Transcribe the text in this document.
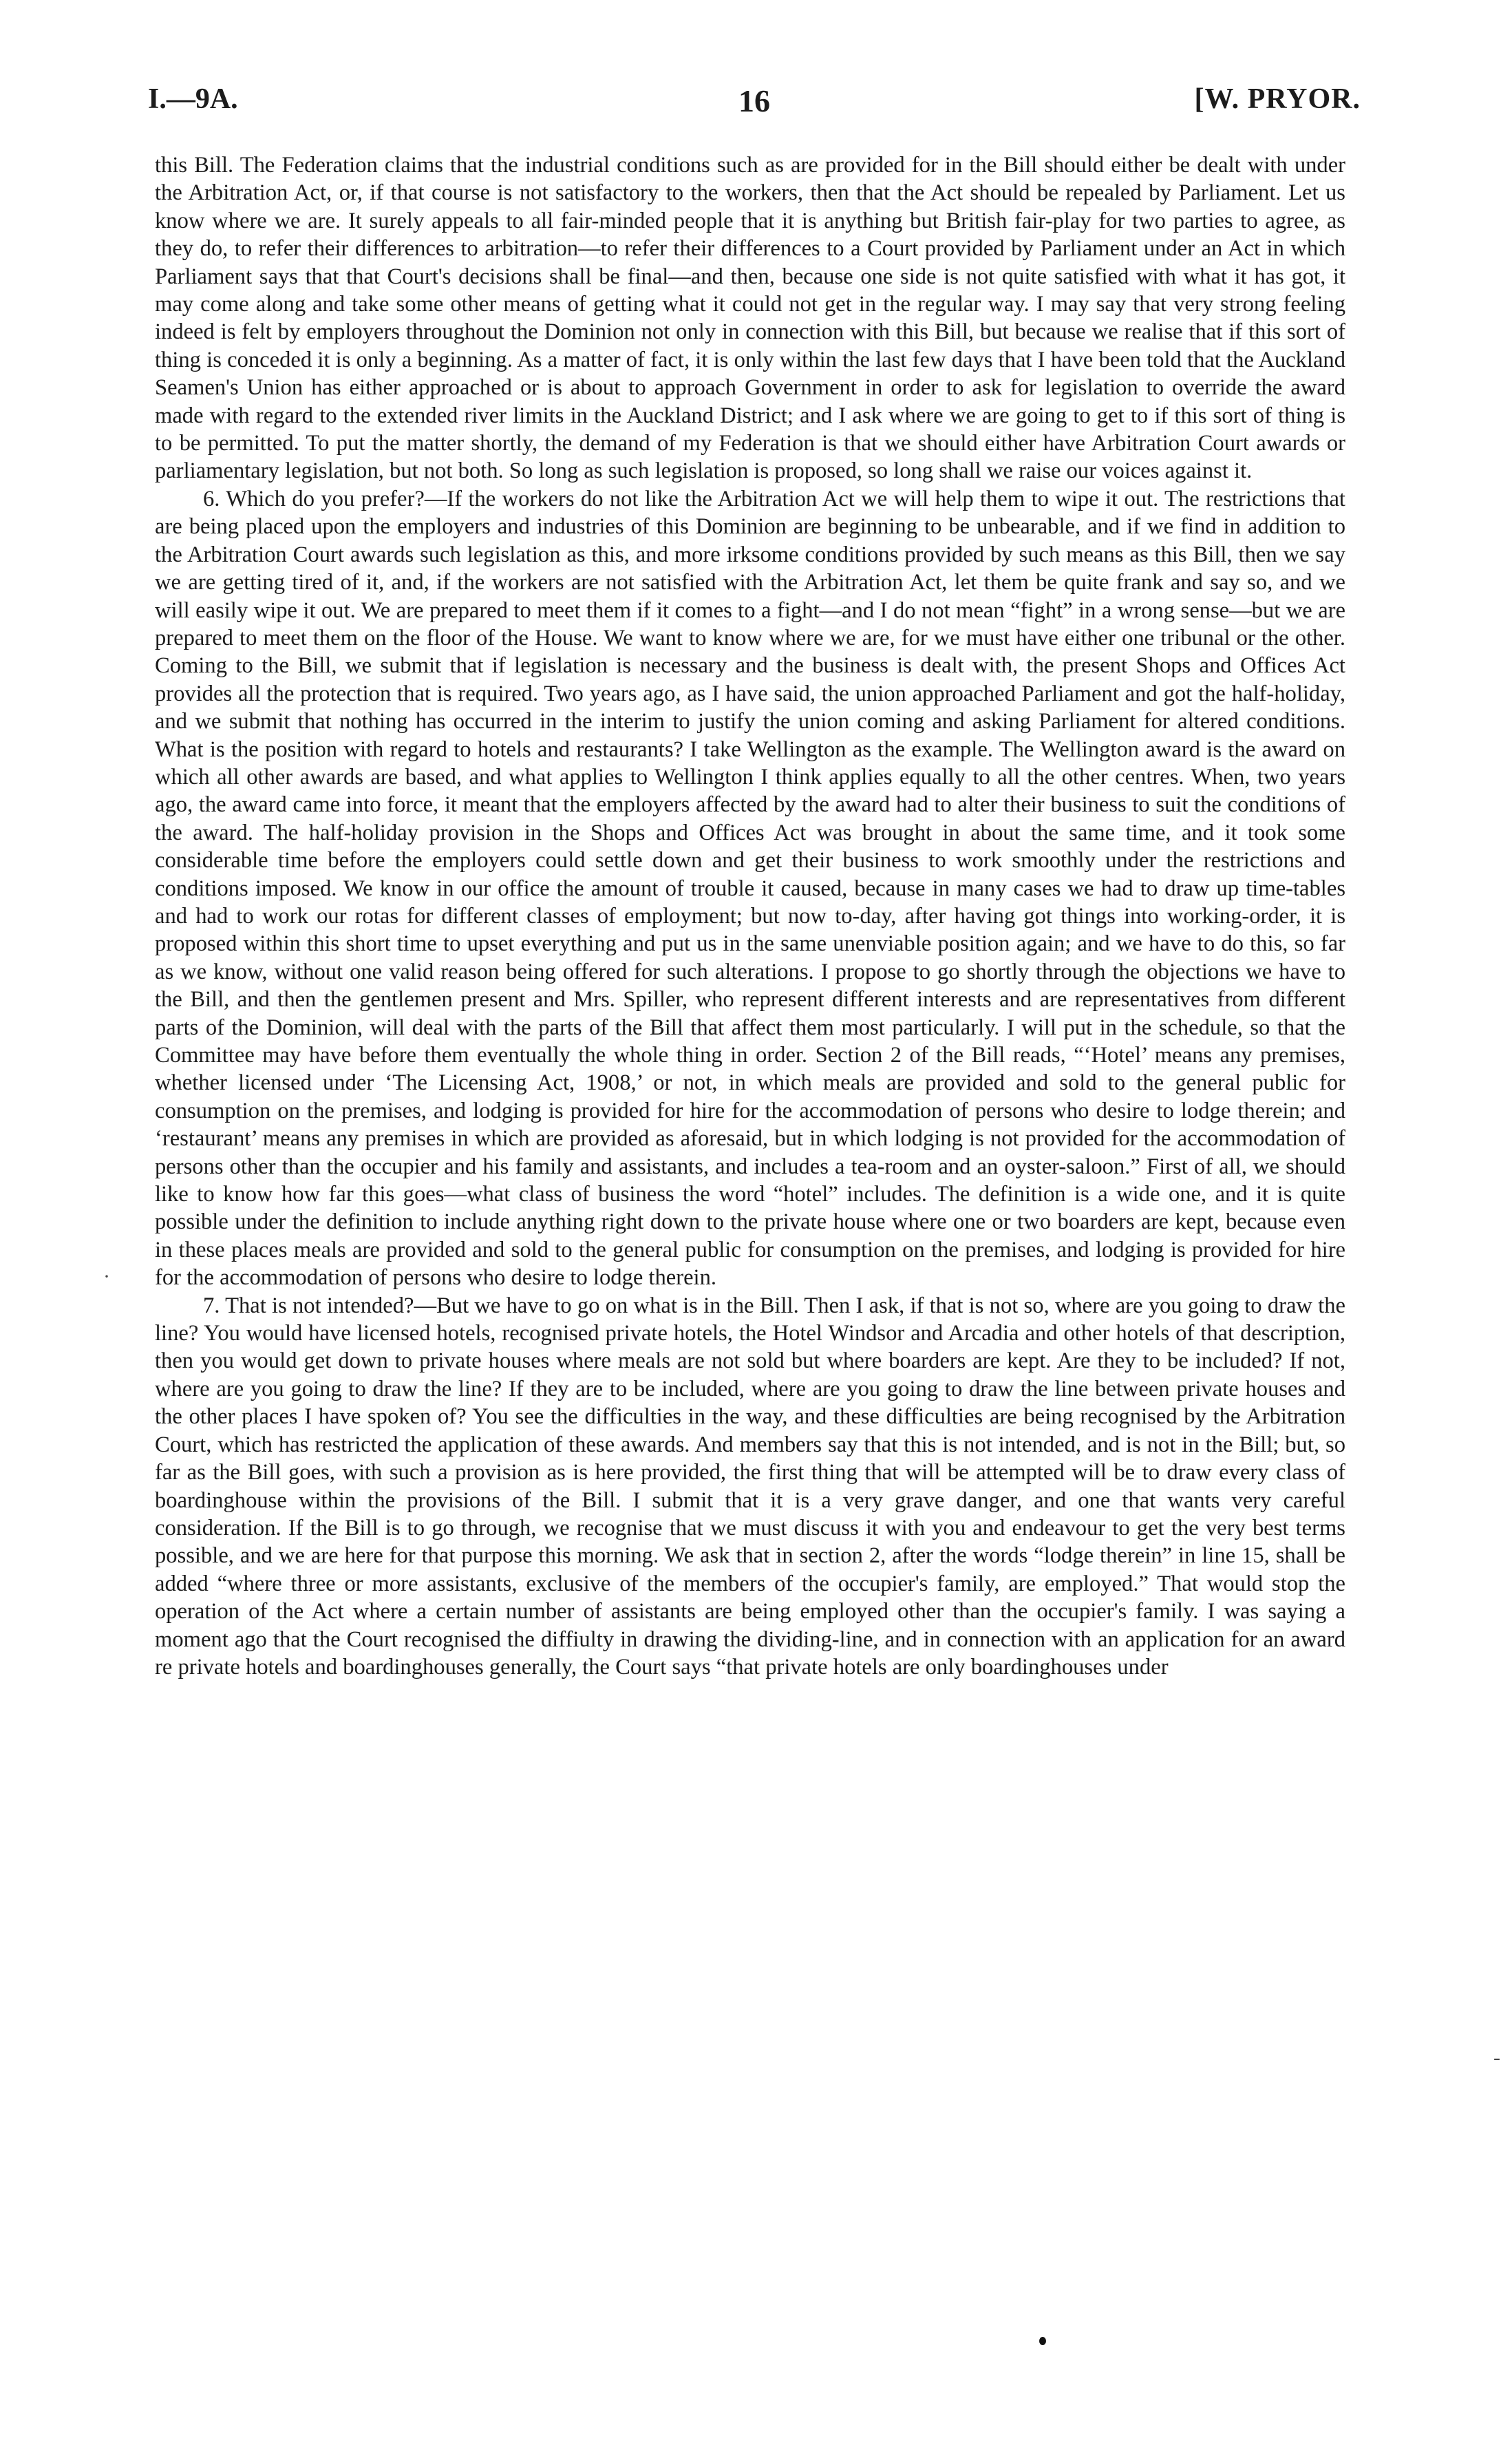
I.—9A.	16	[W. PRYOR.

this Bill. The Federation claims that the industrial conditions such as are provided for in the Bill should either be dealt with under the Arbitration Act, or, if that course is not satisfactory to the workers, then that the Act should be repealed by Parliament. Let us know where we are. It surely appeals to all fair-minded people that it is anything but British fair-play for two parties to agree, as they do, to refer their differences to arbitration—to refer their differences to a Court provided by Parliament under an Act in which Parliament says that that Court's decisions shall be final—and then, because one side is not quite satisfied with what it has got, it may come along and take some other means of getting what it could not get in the regular way. I may say that very strong feeling indeed is felt by employers throughout the Dominion not only in connection with this Bill, but because we realise that if this sort of thing is conceded it is only a beginning. As a matter of fact, it is only within the last few days that I have been told that the Auckland Seamen's Union has either approached or is about to approach Government in order to ask for legislation to override the award made with regard to the extended river limits in the Auckland District; and I ask where we are going to get to if this sort of thing is to be permitted. To put the matter shortly, the demand of my Federation is that we should either have Arbitration Court awards or parliamentary legislation, but not both. So long as such legislation is proposed, so long shall we raise our voices against it.

6. Which do you prefer?—If the workers do not like the Arbitration Act we will help them to wipe it out. The restrictions that are being placed upon the employers and industries of this Dominion are beginning to be unbearable, and if we find in addition to the Arbitration Court awards such legislation as this, and more irksome conditions provided by such means as this Bill, then we say we are getting tired of it, and, if the workers are not satisfied with the Arbitration Act, let them be quite frank and say so, and we will easily wipe it out. We are prepared to meet them if it comes to a fight—and I do not mean “fight” in a wrong sense—but we are prepared to meet them on the floor of the House. We want to know where we are, for we must have either one tribunal or the other. Coming to the Bill, we submit that if legislation is necessary and the business is dealt with, the present Shops and Offices Act provides all the protection that is required. Two years ago, as I have said, the union approached Parliament and got the half-holiday, and we submit that nothing has occurred in the interim to justify the union coming and asking Parliament for altered conditions. What is the position with regard to hotels and restaurants? I take Wellington as the example. The Wellington award is the award on which all other awards are based, and what applies to Wellington I think applies equally to all the other centres. When, two years ago, the award came into force, it meant that the employers affected by the award had to alter their business to suit the conditions of the award. The half-holiday provision in the Shops and Offices Act was brought in about the same time, and it took some considerable time before the employers could settle down and get their business to work smoothly under the restrictions and conditions imposed. We know in our office the amount of trouble it caused, because in many cases we had to draw up time-tables and had to work our rotas for different classes of employment; but now to-day, after having got things into working-order, it is proposed within this short time to upset everything and put us in the same unenviable position again; and we have to do this, so far as we know, without one valid reason being offered for such alterations. I propose to go shortly through the objections we have to the Bill, and then the gentlemen present and Mrs. Spiller, who represent different interests and are representatives from different parts of the Dominion, will deal with the parts of the Bill that affect them most particularly. I will put in the schedule, so that the Committee may have before them eventually the whole thing in order. Section 2 of the Bill reads, “‘Hotel’ means any premises, whether licensed under ‘The Licensing Act, 1908,’ or not, in which meals are provided and sold to the general public for consumption on the premises, and lodging is provided for hire for the accommodation of persons who desire to lodge therein; and ‘restaurant’ means any premises in which are provided as aforesaid, but in which lodging is not provided for the accommodation of persons other than the occupier and his family and assistants, and includes a tea-room and an oyster-saloon.” First of all, we should like to know how far this goes—what class of business the word “hotel” includes. The definition is a wide one, and it is quite possible under the definition to include anything right down to the private house where one or two boarders are kept, because even in these places meals are provided and sold to the general public for consumption on the premises, and lodging is provided for hire for the accommodation of persons who desire to lodge therein.

7. That is not intended?—But we have to go on what is in the Bill. Then I ask, if that is not so, where are you going to draw the line? You would have licensed hotels, recognised private hotels, the Hotel Windsor and Arcadia and other hotels of that description, then you would get down to private houses where meals are not sold but where boarders are kept. Are they to be included? If not, where are you going to draw the line? If they are to be included, where are you going to draw the line between private houses and the other places I have spoken of? You see the difficulties in the way, and these difficulties are being recognised by the Arbitration Court, which has restricted the application of these awards. And members say that this is not intended, and is not in the Bill; but, so far as the Bill goes, with such a provision as is here provided, the first thing that will be attempted will be to draw every class of boardinghouse within the provisions of the Bill. I submit that it is a very grave danger, and one that wants very careful consideration. If the Bill is to go through, we recognise that we must discuss it with you and endeavour to get the very best terms possible, and we are here for that purpose this morning. We ask that in section 2, after the words “lodge therein” in line 15, shall be added “where three or more assistants, exclusive of the members of the occupier's family, are employed.” That would stop the operation of the Act where a certain number of assistants are being employed other than the occupier's family. I was saying a moment ago that the Court recognised the diffiulty in drawing the dividing-line, and in connection with an application for an award re private hotels and boardinghouses generally, the Court says “that private hotels are only boardinghouses under

·
-
